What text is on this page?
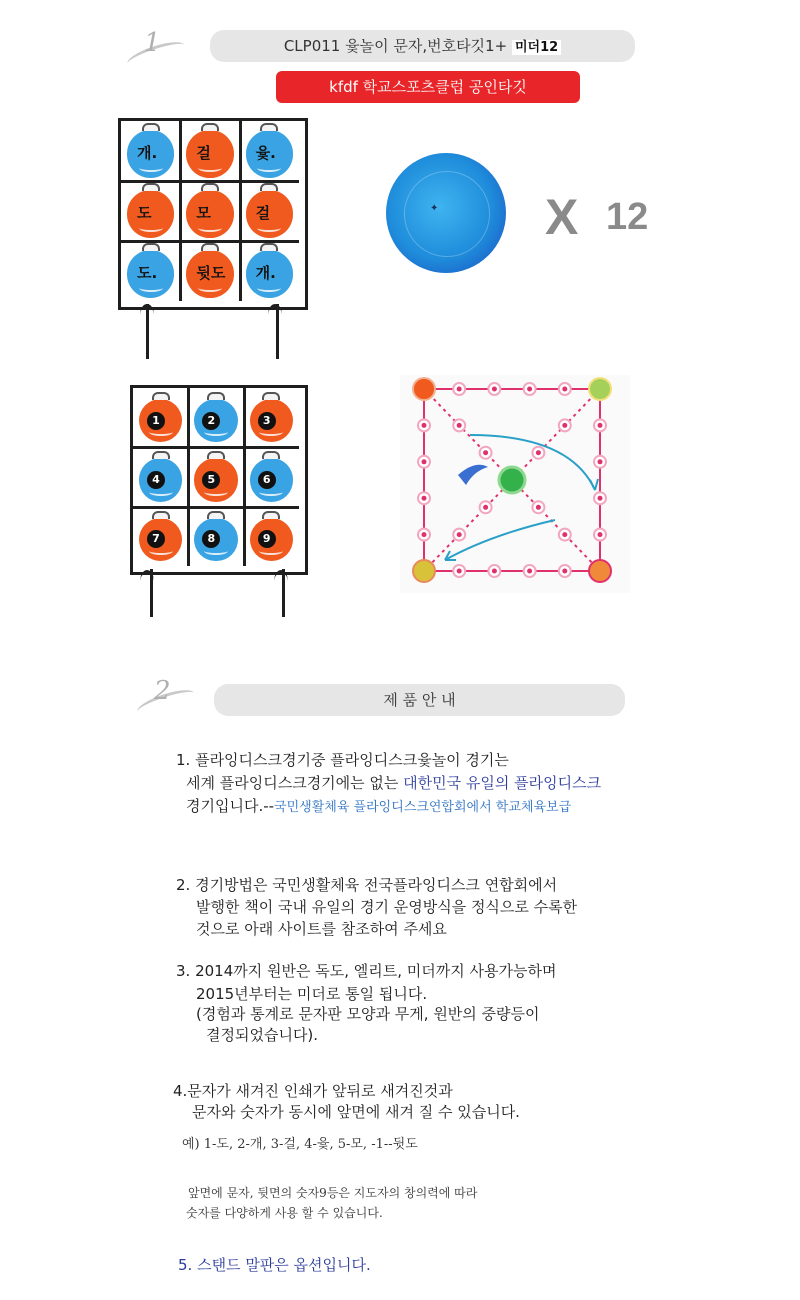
1	CLP011 윷놀이 문자,번호타깃1+ 미더12
kfdf 학교스포츠클럽 공인타깃
개.	걸	윷.
도	모	걸
도.	뒷도 개.
✦ X 12
1	2	3
4	5	6
7	8	9
2	제 품 안 내
1. 플라잉디스크경기중 플라잉디스크윷놀이 경기는
세계 플라잉디스크경기에는 없는 대한민국 유일의 플라잉디스크
경기입니다.--국민생활체육 플라잉디스크연합회에서 학교체육보급
2. 경기방법은 국민생활체육 전국플라잉디스크 연합회에서
발행한 책이 국내 유일의 경기 운영방식을 정식으로 수록한
것으로 아래 사이트를 참조하여 주세요
3. 2014까지 원반은 독도, 엘리트, 미더까지 사용가능하며
2015년부터는 미더로 통일 됩니다.
(경험과 통계로 문자판 모양과 무게, 원반의 중량등이
결정되었습니다).
4.문자가 새겨진 인쇄가 앞뒤로 새겨진것과
문자와 숫자가 동시에 앞면에 새겨 질 수 있습니다.
예) 1-도, 2-개, 3-걸, 4-윷, 5-모, -1--뒷도
앞면에 문자, 뒷면의 숫자9등은 지도자의 창의력에 따라
숫자를 다양하게 사용 할 수 있습니다.
5. 스탠드 말판은 옵션입니다.
